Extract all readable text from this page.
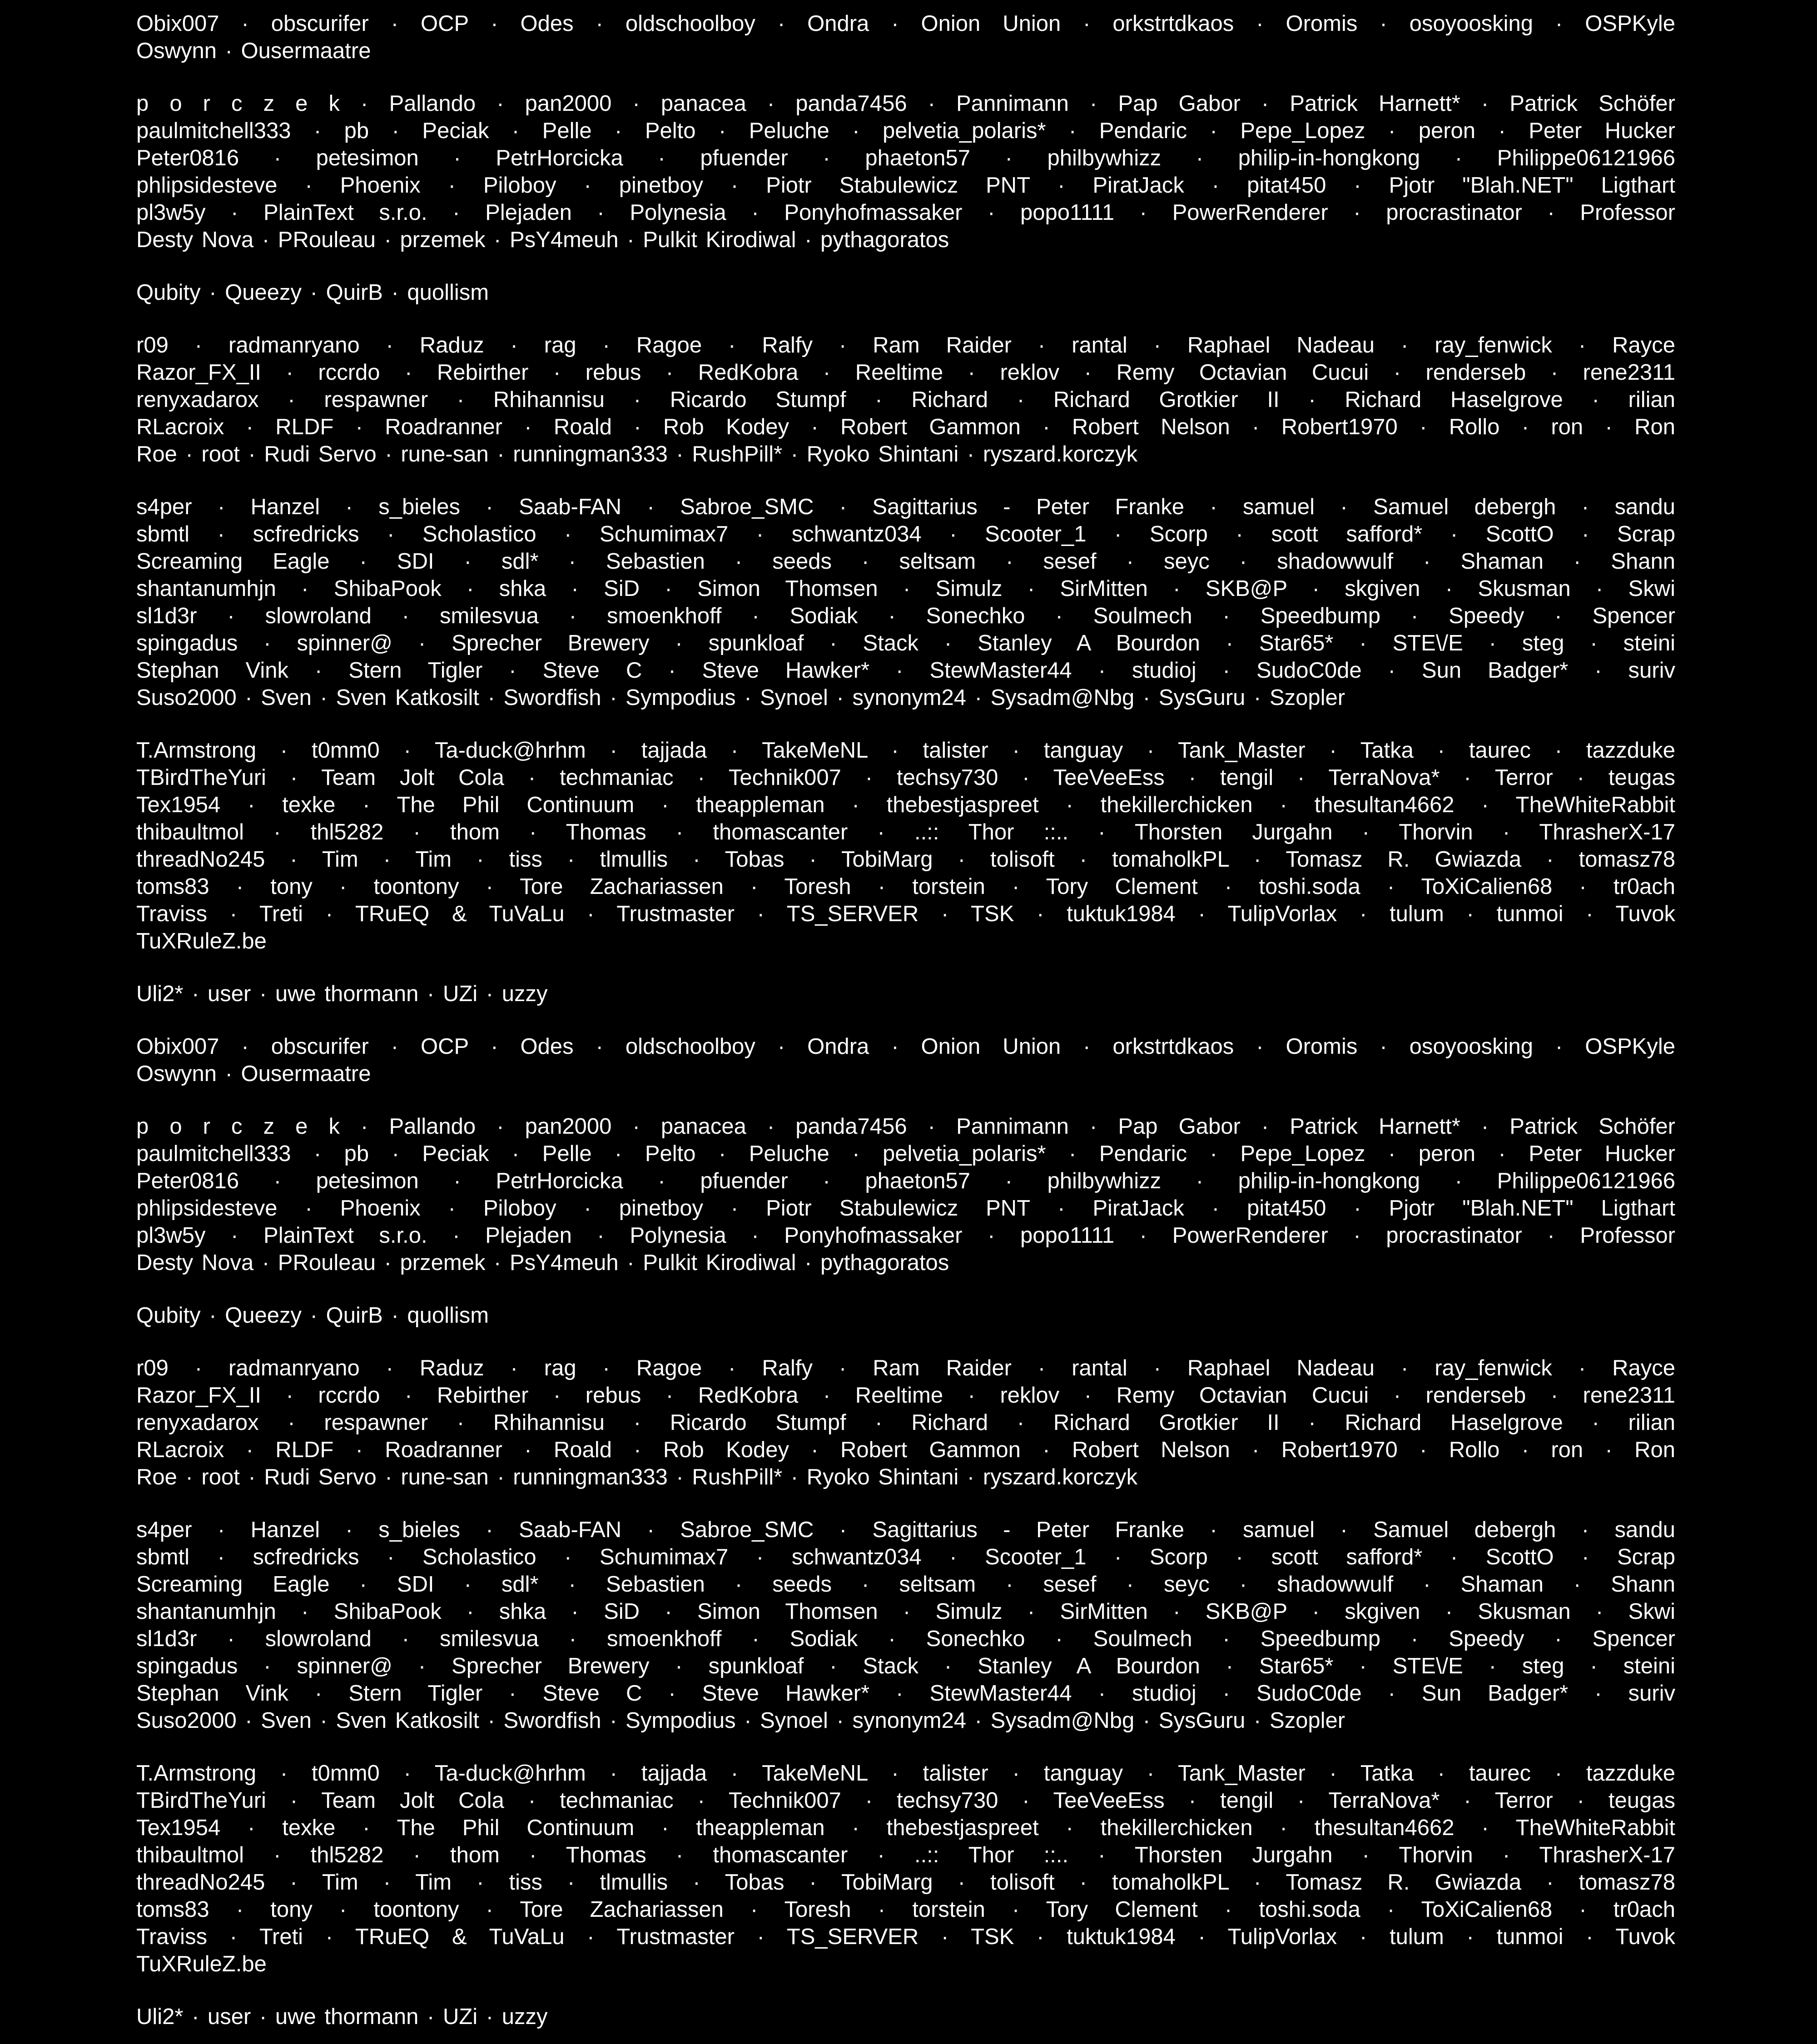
Obix007 · obscurifer · OCP · Odes · oldschoolboy · Ondra · Onion Union · orkstrtdkaos · Oromis · osoyoosking · OSPKyle
Oswynn · Ousermaatre
p o r c z e k · Pallando · pan2000 · panacea · panda7456 · Pannimann · Pap Gabor · Patrick Harnett* · Patrick Schöfer
paulmitchell333 · pb · Peciak · Pelle · Pelto · Peluche · pelvetia_polaris* · Pendaric · Pepe_Lopez · peron · Peter Hucker
Peter0816 · petesimon · PetrHorcicka · pfuender · phaeton57 · philbywhizz · philip-in-hongkong · Philippe06121966
phlipsidesteve · Phoenix · Piloboy · pinetboy · Piotr Stabulewicz PNT · PiratJack · pitat450 · Pjotr "Blah.NET" Ligthart
pl3w5y · PlainText s.r.o. · Plejaden · Polynesia · Ponyhofmassaker · popo1111 · PowerRenderer · procrastinator · Professor
Desty Nova · PRouleau · przemek · PsY4meuh · Pulkit Kirodiwal · pythagoratos
Qubity · Queezy · QuirB · quollism
r09 · radmanryano · Raduz · rag · Ragoe · Ralfy · Ram Raider · rantal · Raphael Nadeau · ray_fenwick · Rayce
Razor_FX_II · rccrdo · Rebirther · rebus · RedKobra · Reeltime · reklov · Remy Octavian Cucui · renderseb · rene2311
renyxadarox · respawner · Rhihannisu · Ricardo Stumpf · Richard · Richard Grotkier II · Richard Haselgrove · rilian
RLacroix · RLDF · Roadranner · Roald · Rob Kodey · Robert Gammon · Robert Nelson · Robert1970 · Rollo · ron · Ron
Roe · root · Rudi Servo · rune-san · runningman333 · RushPill* · Ryoko Shintani · ryszard.korczyk
s4per · Hanzel · s_bieles · Saab-FAN · Sabroe_SMC · Sagittarius - Peter Franke · samuel · Samuel debergh · sandu
sbmtl · scfredricks · Scholastico · Schumimax7 · schwantz034 · Scooter_1 · Scorp · scott safford* · ScottO · Scrap
Screaming Eagle · SDI · sdl* · Sebastien · seeds · seltsam · sesef · seyc · shadowwulf · Shaman · Shann
shantanumhjn · ShibaPook · shka · SiD · Simon Thomsen · Simulz · SirMitten · SKB@P · skgiven · Skusman · Skwi
sl1d3r · slowroland · smilesvua · smoenkhoff · Sodiak · Sonechko · Soulmech · Speedbump · Speedy · Spencer
spingadus · spinner@ · Sprecher Brewery · spunkloaf · Stack · Stanley A Bourdon · Star65* · STE\/E · steg · steini
Stephan Vink · Stern Tigler · Steve C · Steve Hawker* · StewMaster44 · studioj · SudoC0de · Sun Badger* · suriv
Suso2000 · Sven · Sven Katkosilt · Swordfish · Sympodius · Synoel · synonym24 · Sysadm@Nbg · SysGuru · Szopler
T.Armstrong · t0mm0 · Ta-duck@hrhm · tajjada · TakeMeNL · talister · tanguay · Tank_Master · Tatka · taurec · tazzduke
TBirdTheYuri · Team Jolt Cola · techmaniac · Technik007 · techsy730 · TeeVeeEss · tengil · TerraNova* · Terror · teugas
Tex1954 · texke · The Phil Continuum · theappleman · thebestjaspreet · thekillerchicken · thesultan4662 · TheWhiteRabbit
thibaultmol · thl5282 · thom · Thomas · thomascanter · ..:: Thor ::.. · Thorsten Jurgahn · Thorvin · ThrasherX-17
threadNo245 · Tim · Tim · tiss · tlmullis · Tobas · TobiMarg · tolisoft · tomaholkPL · Tomasz R. Gwiazda · tomasz78
toms83 · tony · toontony · Tore Zachariassen · Toresh · torstein · Tory Clement · toshi.soda · ToXiCalien68 · tr0ach
Traviss · Treti · TRuEQ & TuVaLu · Trustmaster · TS_SERVER · TSK · tuktuk1984 · TulipVorlax · tulum · tunmoi · Tuvok
TuXRuleZ.be
Uli2* · user · uwe thormann · UZi · uzzy
Obix007 · obscurifer · OCP · Odes · oldschoolboy · Ondra · Onion Union · orkstrtdkaos · Oromis · osoyoosking · OSPKyle
Oswynn · Ousermaatre
p o r c z e k · Pallando · pan2000 · panacea · panda7456 · Pannimann · Pap Gabor · Patrick Harnett* · Patrick Schöfer
paulmitchell333 · pb · Peciak · Pelle · Pelto · Peluche · pelvetia_polaris* · Pendaric · Pepe_Lopez · peron · Peter Hucker
Peter0816 · petesimon · PetrHorcicka · pfuender · phaeton57 · philbywhizz · philip-in-hongkong · Philippe06121966
phlipsidesteve · Phoenix · Piloboy · pinetboy · Piotr Stabulewicz PNT · PiratJack · pitat450 · Pjotr "Blah.NET" Ligthart
pl3w5y · PlainText s.r.o. · Plejaden · Polynesia · Ponyhofmassaker · popo1111 · PowerRenderer · procrastinator · Professor
Desty Nova · PRouleau · przemek · PsY4meuh · Pulkit Kirodiwal · pythagoratos
Qubity · Queezy · QuirB · quollism
r09 · radmanryano · Raduz · rag · Ragoe · Ralfy · Ram Raider · rantal · Raphael Nadeau · ray_fenwick · Rayce
Razor_FX_II · rccrdo · Rebirther · rebus · RedKobra · Reeltime · reklov · Remy Octavian Cucui · renderseb · rene2311
renyxadarox · respawner · Rhihannisu · Ricardo Stumpf · Richard · Richard Grotkier II · Richard Haselgrove · rilian
RLacroix · RLDF · Roadranner · Roald · Rob Kodey · Robert Gammon · Robert Nelson · Robert1970 · Rollo · ron · Ron
Roe · root · Rudi Servo · rune-san · runningman333 · RushPill* · Ryoko Shintani · ryszard.korczyk
s4per · Hanzel · s_bieles · Saab-FAN · Sabroe_SMC · Sagittarius - Peter Franke · samuel · Samuel debergh · sandu
sbmtl · scfredricks · Scholastico · Schumimax7 · schwantz034 · Scooter_1 · Scorp · scott safford* · ScottO · Scrap
Screaming Eagle · SDI · sdl* · Sebastien · seeds · seltsam · sesef · seyc · shadowwulf · Shaman · Shann
shantanumhjn · ShibaPook · shka · SiD · Simon Thomsen · Simulz · SirMitten · SKB@P · skgiven · Skusman · Skwi
sl1d3r · slowroland · smilesvua · smoenkhoff · Sodiak · Sonechko · Soulmech · Speedbump · Speedy · Spencer
spingadus · spinner@ · Sprecher Brewery · spunkloaf · Stack · Stanley A Bourdon · Star65* · STE\/E · steg · steini
Stephan Vink · Stern Tigler · Steve C · Steve Hawker* · StewMaster44 · studioj · SudoC0de · Sun Badger* · suriv
Suso2000 · Sven · Sven Katkosilt · Swordfish · Sympodius · Synoel · synonym24 · Sysadm@Nbg · SysGuru · Szopler
T.Armstrong · t0mm0 · Ta-duck@hrhm · tajjada · TakeMeNL · talister · tanguay · Tank_Master · Tatka · taurec · tazzduke
TBirdTheYuri · Team Jolt Cola · techmaniac · Technik007 · techsy730 · TeeVeeEss · tengil · TerraNova* · Terror · teugas
Tex1954 · texke · The Phil Continuum · theappleman · thebestjaspreet · thekillerchicken · thesultan4662 · TheWhiteRabbit
thibaultmol · thl5282 · thom · Thomas · thomascanter · ..:: Thor ::.. · Thorsten Jurgahn · Thorvin · ThrasherX-17
threadNo245 · Tim · Tim · tiss · tlmullis · Tobas · TobiMarg · tolisoft · tomaholkPL · Tomasz R. Gwiazda · tomasz78
toms83 · tony · toontony · Tore Zachariassen · Toresh · torstein · Tory Clement · toshi.soda · ToXiCalien68 · tr0ach
Traviss · Treti · TRuEQ & TuVaLu · Trustmaster · TS_SERVER · TSK · tuktuk1984 · TulipVorlax · tulum · tunmoi · Tuvok
TuXRuleZ.be
Uli2* · user · uwe thormann · UZi · uzzy
